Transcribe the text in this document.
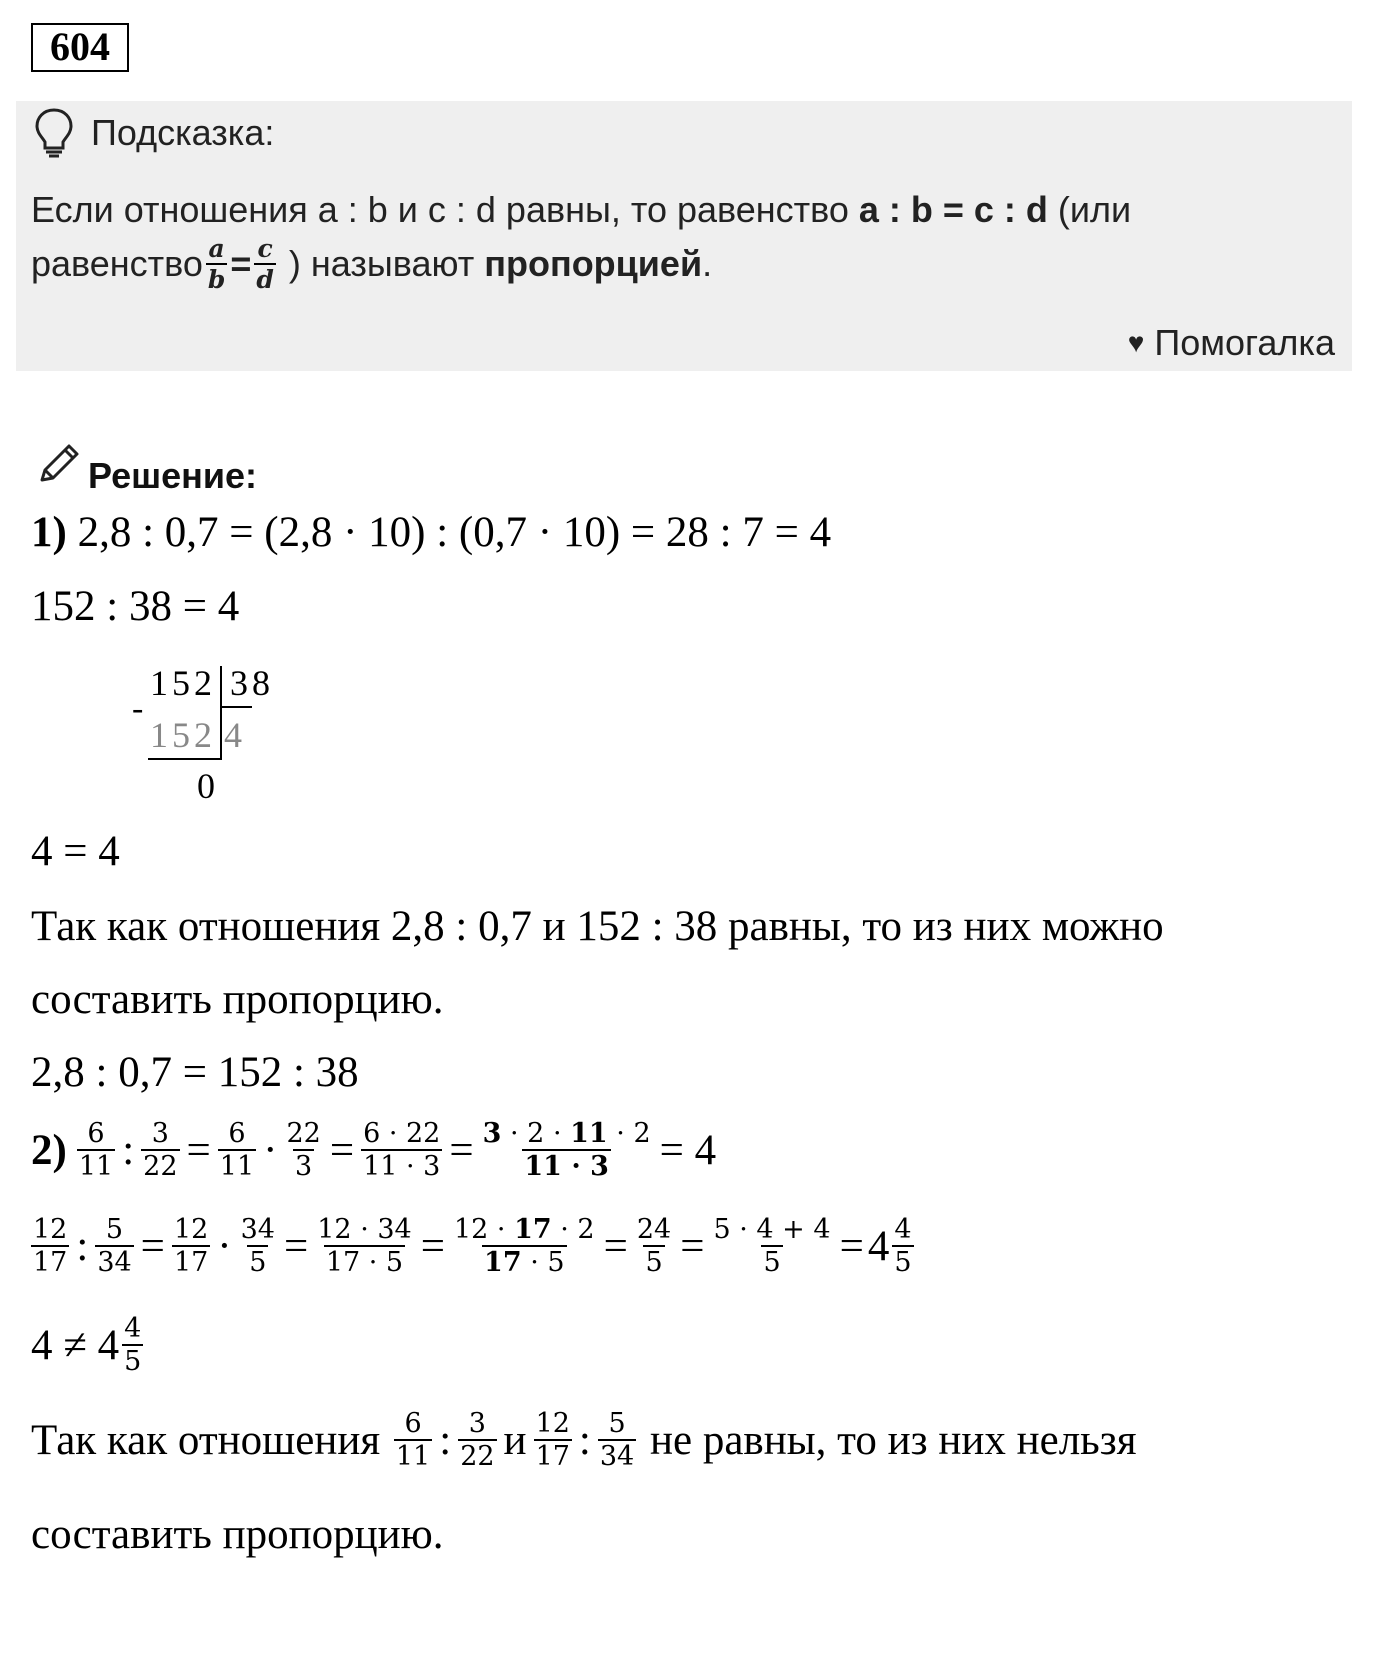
604
Подсказка:
Если отношения a : b и c : d равны, то равенство a : b = c : d (или
равенство $\frac{a}{b} = \frac{c}{d}$ ) называют пропорцией .
♥ Помогалка
Решение:
1) 2,8 : 0,7 = (2,8 · 10) : (0,7 · 10) = 28 : 7 = 4
152 : 38 = 4
152 38
-
152 4
0
4 = 4
Так как отношения 2,8 : 0,7 и 152 : 38 равны, то из них можно
составить пропорцию.
2,8 : 0,7 = 152 : 38
$2) \frac{6}{11}$ : $\frac{3}{22} = \frac{6}{11} \cdot \frac{22}{3} = \frac{6 \cdot 22}{11 \cdot 3} = \frac{3 \cdot 2 \cdot 11 \cdot 2}{11 \cdot 3} = 4$
$\frac{12}{17}$ : $\frac{5}{34} = \frac{12}{17} \cdot \frac{34}{5} = \frac{12 \cdot 34}{17 \cdot 5} = \frac{12 \cdot 17 \cdot 2}{17 \cdot 5} = \frac{24}{5} = \frac{5 \cdot 4 + 4}{5} = 4 \frac{4}{5}$
$4 \ne 4 \frac{4}{5}$
Так как отношения $\frac{6}{11}$ : $\frac{3}{22}$ и $\frac{12}{17}$ : $\frac{5}{34}$ не равны, то из них нельзя
составить пропорцию.
